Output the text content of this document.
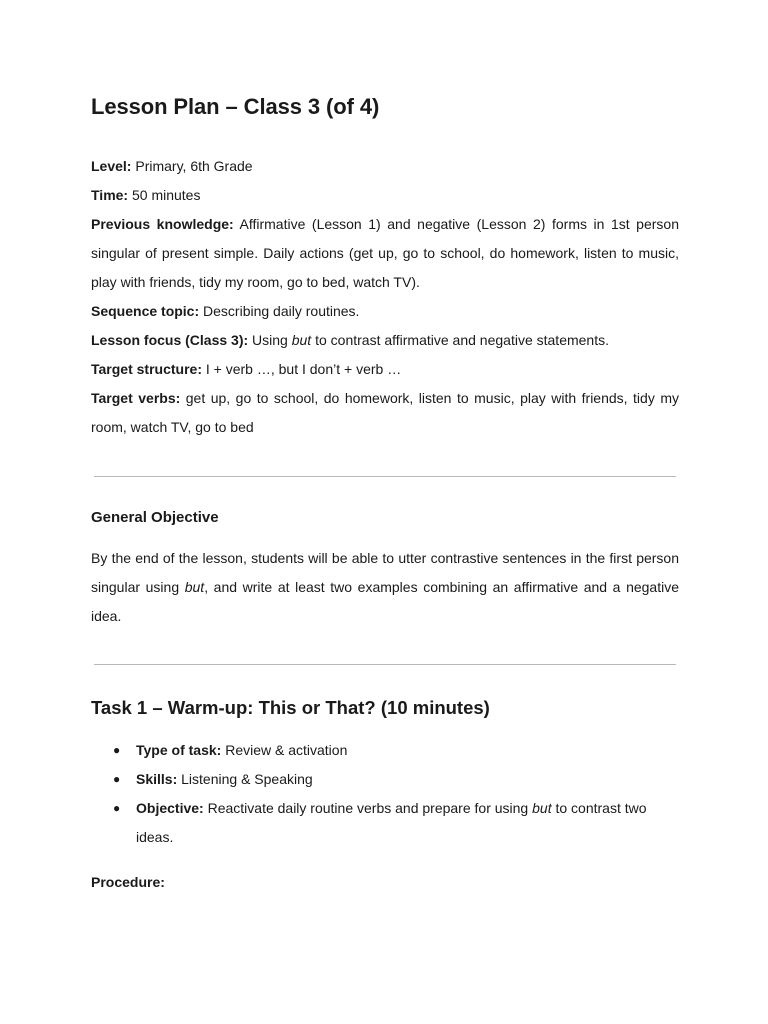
Lesson Plan – Class 3 (of 4)

Level: Primary, 6th Grade

Time: 50 minutes

Previous knowledge: Affirmative (Lesson 1) and negative (Lesson 2) forms in 1st person singular of present simple. Daily actions (get up, go to school, do homework, listen to music, play with friends, tidy my room, go to bed, watch TV).

Sequence topic: Describing daily routines.

Lesson focus (Class 3): Using but to contrast affirmative and negative statements.

Target structure: I + verb …, but I don’t + verb …

Target verbs: get up, go to school, do homework, listen to music, play with friends, tidy my room, watch TV, go to bed

General Objective

By the end of the lesson, students will be able to utter contrastive sentences in the first person singular using but, and write at least two examples combining an affirmative and a negative idea.

Task 1 – Warm-up: This or That? (10 minutes)
● Type of task: Review & activation
● Skills: Listening & Speaking
● Objective: Reactivate daily routine verbs and prepare for using but to contrast two ideas.
Procedure:
